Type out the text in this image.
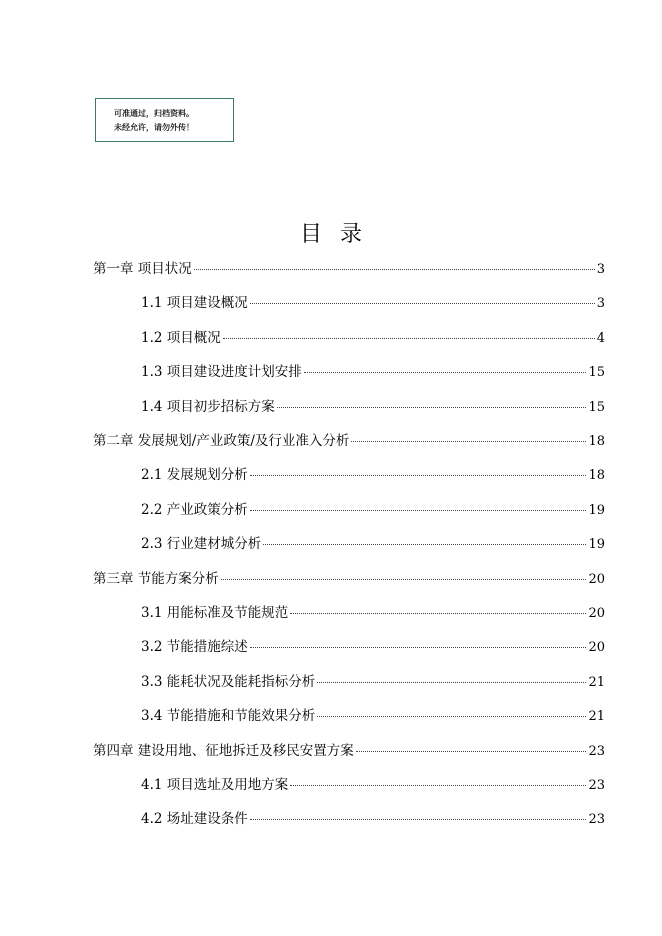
可准通过，归档资料。
未经允许，请勿外传！
目录
第一章 项目状况	3
1.1 项目建设概况	3
1.2 项目概况	4
1.3 项目建设进度计划安排	15
1.4 项目初步招标方案	15
第二章 发展规划/产业政策/及行业准入分析	18
2.1 发展规划分析	18
2.2 产业政策分析	19
2.3 行业建材城分析	19
第三章 节能方案分析	20
3.1 用能标准及节能规范	20
3.2 节能措施综述	20
3.3 能耗状况及能耗指标分析	21
3.4 节能措施和节能效果分析	21
第四章 建设用地、征地拆迁及移民安置方案	23
4.1 项目选址及用地方案	23
4.2 场址建设条件	23
